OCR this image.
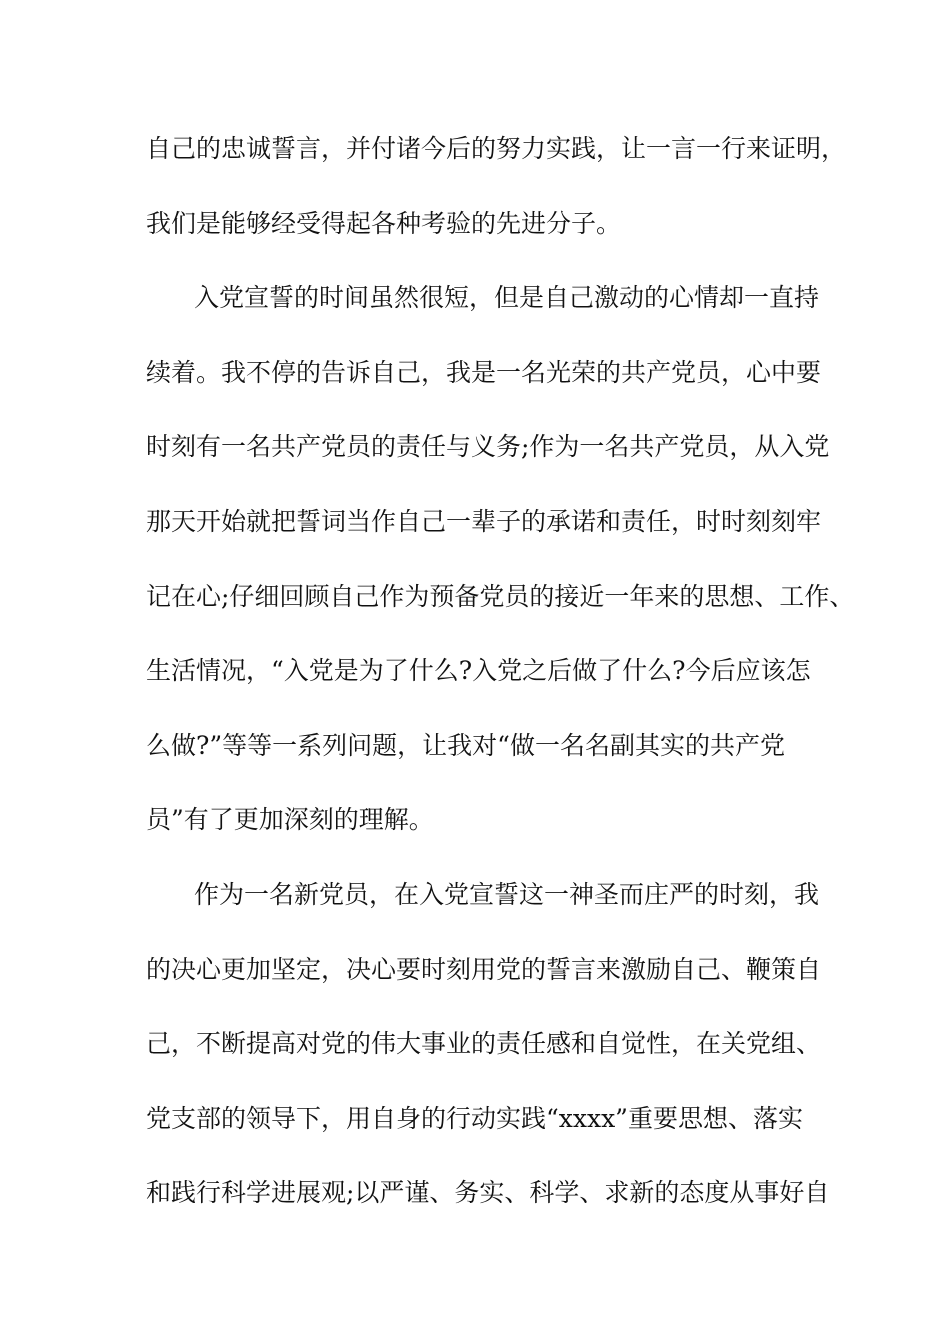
自己的忠诚誓言，并付诸今后的努力实践，让一言一行来证明，
我们是能够经受得起各种考验的先进分子。
入党宣誓的时间虽然很短，但是自己激动的心情却一直持
续着。我不停的告诉自己，我是一名光荣的共产党员，心中要
时刻有一名共产党员的责任与义务;作为一名共产党员，从入党
那天开始就把誓词当作自己一辈子的承诺和责任，时时刻刻牢
记在心;仔细回顾自己作为预备党员的接近一年来的思想、工作、
生活情况，“入党是为了什么?入党之后做了什么?今后应该怎
么做?”等等一系列问题，让我对“做一名名副其实的共产党
员”有了更加深刻的理解。
作为一名新党员，在入党宣誓这一神圣而庄严的时刻，我
的决心更加坚定，决心要时刻用党的誓言来激励自己、鞭策自
己，不断提高对党的伟大事业的责任感和自觉性，在关党组、
党支部的领导下，用自身的行动实践“xxxx”重要思想、落实
和践行科学进展观;以严谨、务实、科学、求新的态度从事好自
